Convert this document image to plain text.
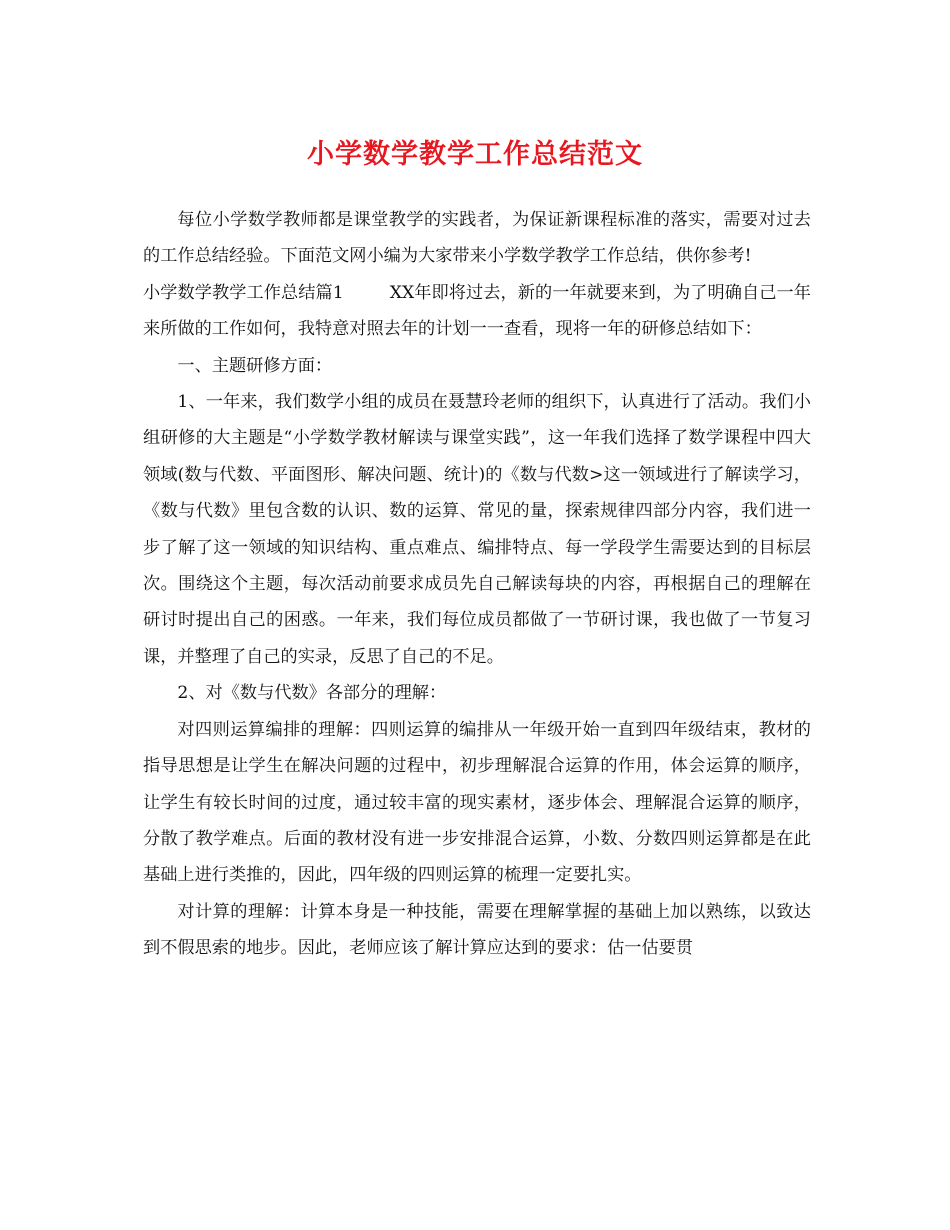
小学数学教学工作总结范文

每位小学数学教师都是课堂教学的实践者，为保证新课程标准的落实，需要对过去的工作总结经验。下面范文网小编为大家带来小学数学教学工作总结，供你参考!

小学数学教学工作总结篇1	XX年即将过去，新的一年就要来到，为了明确自己一年来所做的工作如何，我特意对照去年的计划一一查看，现将一年的研修总结如下：

一、主题研修方面：

1、一年来，我们数学小组的成员在聂慧玲老师的组织下，认真进行了活动。我们小组研修的大主题是“小学数学教材解读与课堂实践”，这一年我们选择了数学课程中四大领域(数与代数、平面图形、解决问题、统计)的《数与代数>这一领域进行了解读学习，《数与代数》里包含数的认识、数的运算、常见的量，探索规律四部分内容，我们进一步了解了这一领域的知识结构、重点难点、编排特点、每一学段学生需要达到的目标层次。围绕这个主题，每次活动前要求成员先自己解读每块的内容，再根据自己的理解在研讨时提出自己的困惑。一年来，我们每位成员都做了一节研讨课，我也做了一节复习课，并整理了自己的实录，反思了自己的不足。

2、对《数与代数》各部分的理解：

对四则运算编排的理解：四则运算的编排从一年级开始一直到四年级结束，教材的指导思想是让学生在解决问题的过程中，初步理解混合运算的作用，体会运算的顺序，让学生有较长时间的过度，通过较丰富的现实素材，逐步体会、理解混合运算的顺序，分散了教学难点。后面的教材没有进一步安排混合运算，小数、分数四则运算都是在此基础上进行类推的，因此，四年级的四则运算的梳理一定要扎实。

对计算的理解：计算本身是一种技能，需要在理解掌握的基础上加以熟练，以致达到不假思索的地步。因此，老师应该了解计算应达到的要求：估一估要贯
